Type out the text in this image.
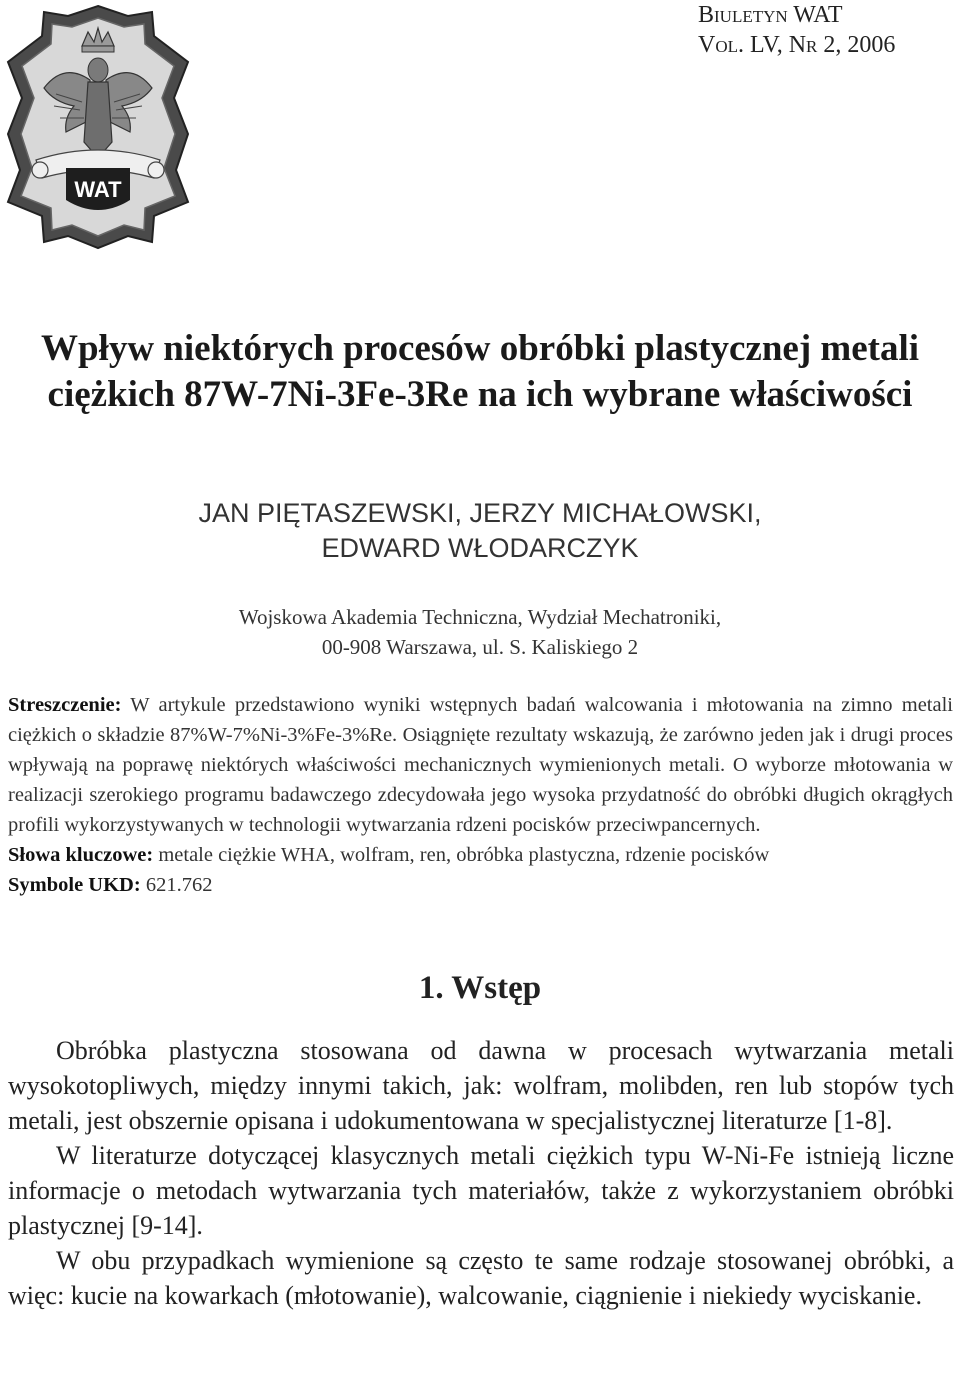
WAT
Biuletyn WAT
Vol. LV, Nr 2, 2006
Wpływ niektórych procesów obróbki plastycznej metali
ciężkich 87W-7Ni-3Fe-3Re na ich wybrane właściwości
JAN PIĘTASZEWSKI, JERZY MICHAŁOWSKI,
EDWARD WŁODARCZYK
Wojskowa Akademia Techniczna, Wydział Mechatroniki,
00-908 Warszawa, ul. S. Kaliskiego 2

Streszczenie: W artykule przedstawiono wyniki wstępnych badań walcowania i młotowania na zimno metali ciężkich o składzie 87%W-7%Ni-3%Fe-3%Re. Osiągnięte rezultaty wskazują, że zarówno jeden jak i drugi proces wpływają na poprawę niektórych właściwości mechanicznych wymienionych metali. O wyborze młotowania w realizacji szerokiego programu badawczego zdecydowała jego wysoka przydatność do obróbki długich okrągłych profili wykorzystywanych w technologii wytwarzania rdzeni pocisków przeciwpancernych.

Słowa kluczowe: metale ciężkie WHA, wolfram, ren, obróbka plastyczna, rdzenie pocisków

Symbole UKD: 621.762

1. Wstęp

Obróbka plastyczna stosowana od dawna w procesach wytwarzania metali wysokotopliwych, między innymi takich, jak: wolfram, molibden, ren lub stopów tych metali, jest obszernie opisana i udokumentowana w specjalistycznej literaturze [1-8].

W literaturze dotyczącej klasycznych metali ciężkich typu W-Ni-Fe istnieją liczne informacje o metodach wytwarzania tych materiałów, także z wykorzystaniem obróbki plastycznej [9-14].

W obu przypadkach wymienione są często te same rodzaje stosowanej obróbki, a więc: kucie na kowarkach (młotowanie), walcowanie, ciągnienie i niekiedy wyciskanie.
